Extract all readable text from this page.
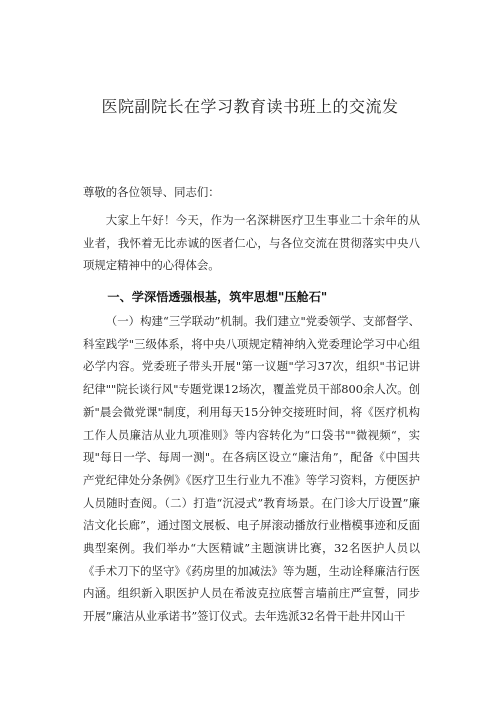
医院副院长在学习教育读书班上的交流发

尊敬的各位领导、同志们：

大家上午好！今天，作为一名深耕医疗卫生事业二十余年的从业者，我怀着无比赤诚的医者仁心，与各位交流在贯彻落实中央八项规定精神中的心得体会。

一、学深悟透强根基，筑牢思想"压舱石"

（一）构建“三学联动”机制。我们建立"党委领学、支部督学、科室践学"三级体系，将中央八项规定精神纳入党委理论学习中心组必学内容。党委班子带头开展"第一议题"学习37次，组织"书记讲纪律""院长谈行风"专题党课12场次，覆盖党员干部800余人次。创新"晨会微党课"制度，利用每天15分钟交接班时间，将《医疗机构工作人员廉洁从业九项准则》等内容转化为“口袋书""微视频“，实现"每日一学、每周一测"。在各病区设立“廉洁角”，配备《中国共产党纪律处分条例》《医疗卫生行业九不准》等学习资料，方便医护人员随时查阅。（二）打造“沉浸式”教育场景。在门诊大厅设置”廉洁文化长廊”，通过图文展板、电子屏滚动播放行业楷模事迹和反面典型案例。我们举办“大医精诚”主题演讲比赛，32名医护人员以《手术刀下的坚守》《药房里的加减法》等为题，生动诠释廉洁行医内涵。组织新入职医护人员在希波克拉底誓言墙前庄严宣誓，同步开展”廉洁从业承诺书”签订仪式。去年选派32名骨干赴井冈山干
